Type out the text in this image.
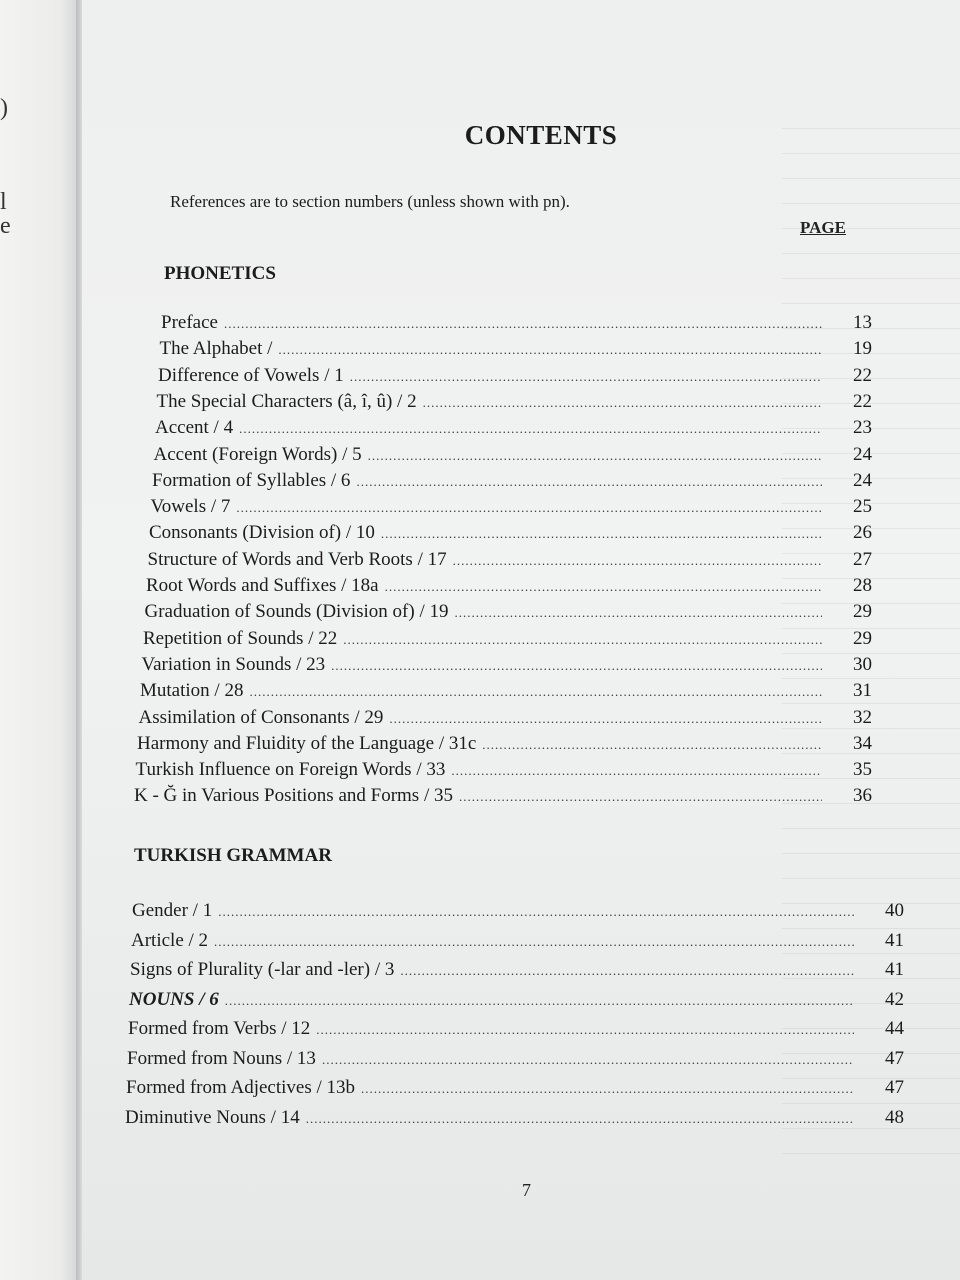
)
l
e
CONTENTS
References are to section numbers (unless shown with pn).
PAGE
PHONETICS
Preface .....	13
The Alphabet / .....	19
Difference of Vowels / 1 .....	22
The Special Characters (â, î, û) / 2 .....	22
Accent / 4 .....	23
Accent (Foreign Words) / 5 .....	24
Formation of Syllables / 6 .....	24
Vowels / 7 .....	25
Consonants (Division of) / 10 .....	26
Structure of Words and Verb Roots / 17 .....	27
Root Words and Suffixes / 18a .....	28
Graduation of Sounds (Division of) / 19 .....	29
Repetition of Sounds / 22 .....	29
Variation in Sounds / 23 .....	30
Mutation / 28 .....	31
Assimilation of Consonants / 29 .....	32
Harmony and Fluidity of the Language / 31c .....	34
Turkish Influence on Foreign Words / 33 .....	35
K - Ğ in Various Positions and Forms / 35 .....	36
TURKISH GRAMMAR
Gender / 1 .....	40
Article / 2 .....	41
Signs of Plurality (-lar and -ler) / 3 .....	41
NOUNS / 6 .....	42
Formed from Verbs / 12 .....	44
Formed from Nouns / 13 .....	47
Formed from Adjectives / 13b .....	47
Diminutive Nouns / 14 .....	48
7
